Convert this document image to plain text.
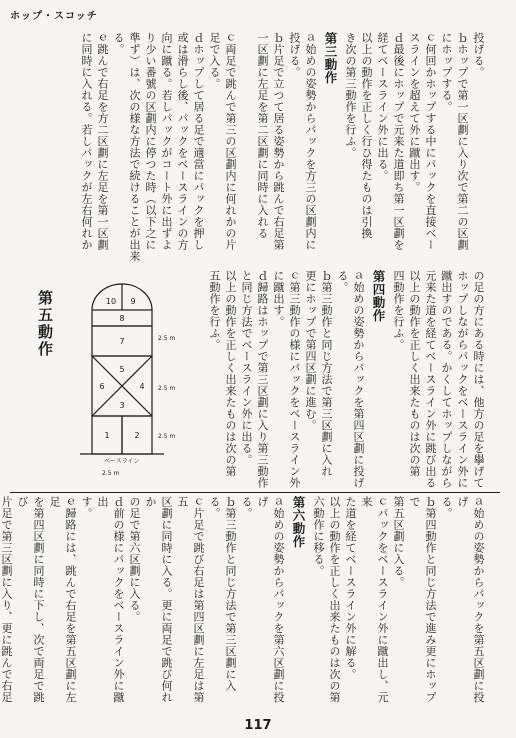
ホップ・スコッチ

投げる。

ｂホップで第一区劃に入り次で第二の区劃

にホップする。

ｃ何回かホップする中にパックを直接ベー

スラインを超えて外に蹴出す。

ｄ最後にホップで元来た道即ち第一区劃を

経てベースライン外に出る。

以上の動作を正しく行ひ得たものは引換

き次の第三動作を行ふ。

第三動作

ａ始めの姿勢からパックを方三の区劃内に

投げる。

ｂ片足で立つて居る姿勢から跳んで右足第

一区劃に左足を第二区劃に同時に入れる

ｃ両足で跳んで第三の区劃内に何れかの片

足で入る。

ｄホップして居る足で適當にパックを押し

或は滑らし後、パックをベースラインの方

向に蹴る。若しパックがコート外に出ずよ

り少い番號の区劃内に停つた時（以下之に

準ず）は、次の様な方法で続けることが出来

る。

ｅ跳んで右足を方二区劃に左足を第一区劃

に同時に入れる。若しパックが左右何れか

の足の方にある時には、他方の足を擧げて

ホップしながらパックをベースライン外に

蹴出すのである。かくしてホップしながら

元来た道を経てベースライン外に跳び出る

以上の動作を正しく出来たものは次の第

四動作を行ふ。

第四動作

ａ始めの姿勢からパックを第四区劃に投げ

る。

ｂ第三動作と同じ方法で第三区劃に入れ

更にホップで第四区劃に進む。

ｃ第三動作の様にパックをベースライン外

に蹴出す。

ｄ歸路はホップで第三区劃に入り第三動作

と同じ方法でベースライン外に出る。

以上の動作を正しく出来たものは次の第

五動作を行ふ。

第五動作	10 9
8
7
6
5
4
3
1	2
ベースライン
2.5 m
2.5 m
2.5 m
2.5 m

ａ始めの姿勢からパックを第五区劃に投げ

る。

ｂ第四動作と同じ方法で進み更にホップで

第五区劃に入る。

ｃパックをベースライン外に蹴出し、元来

た道を経てベースライン外に解る。

以上の動作を正しく出来たものは次の第

六動作に移る。

第六動作

ａ始めの姿勢からパックを第六区劃に投げ

る。

ｂ第三動作と同じ方法で第三区劃に入る。

ｃ片足で跳び右足は第四区劃に左足は第五

区劃に同時に入る。更に両足で跳び何れか

の足で第六区劃に入る。

ｄ前の様にパックをベースライン外に蹴出

す。

ｅ歸路には、跳んで右足を第五区劃に左足

を第四区劃に同時に下し、次で両足で跳び

片足で第三区劃に入り、更に跳んで右足

117
